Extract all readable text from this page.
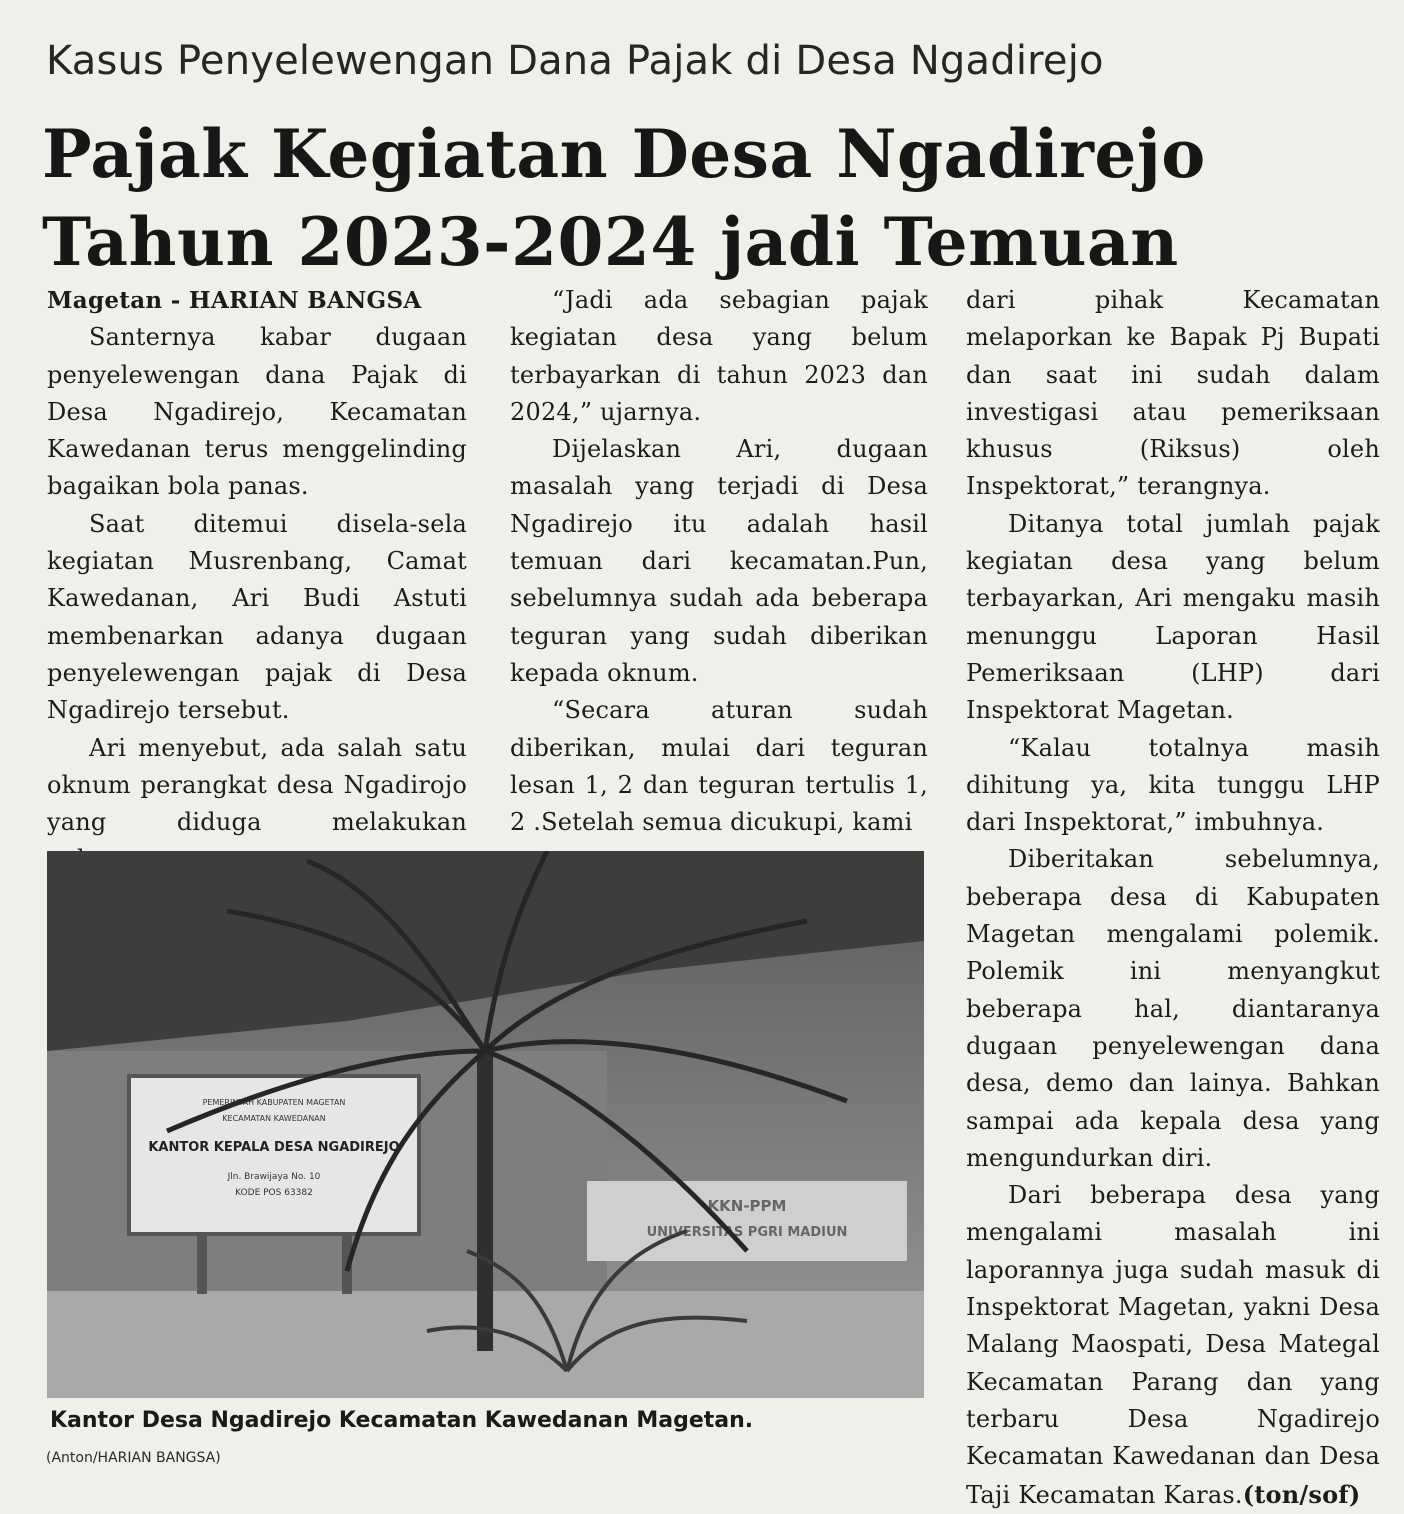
Kasus Penyelewengan Dana Pajak di Desa Ngadirejo
Pajak Kegiatan Desa Ngadirejo
Tahun 2023-2024 jadi Temuan

Magetan - HARIAN BANGSA

Santernya kabar dugaan penyelewengan dana Pajak di Desa Ngadirejo, Kecamatan Kawedanan terus menggelinding bagaikan bola panas.

Saat ditemui disela-sela kegiatan Musrenbang, Camat Kawedanan, Ari Budi Astuti membenarkan adanya dugaan penyelewengan pajak di Desa Ngadirejo tersebut.

Ari menyebut, ada salah satu oknum perangkat desa Ngadirojo yang diduga melakukan

“Jadi ada sebagian pajak kegiatan desa yang belum terbayarkan di tahun 2023 dan 2024,” ujarnya.

Dijelaskan Ari, dugaan masalah yang terjadi di Desa Ngadirejo itu adalah hasil temuan dari kecamatan.Pun, sebelumnya sudah ada beberapa teguran yang sudah diberikan kepada oknum.

“Secara aturan sudah diberikan, mulai dari teguran lesan 1, 2 dan teguran tertulis 1, 2 .Setelah semua dicukupi, kami

dari pihak Kecamatan melaporkan ke Bapak Pj Bupati dan saat ini sudah dalam investigasi atau pemeriksaan khusus (Riksus) oleh Inspektorat,” terangnya.

Ditanya total jumlah pajak kegiatan desa yang belum terbayarkan, Ari mengaku masih menunggu Laporan Hasil Pemeriksaan (LHP) dari Inspektorat Magetan.

“Kalau totalnya masih dihitung ya, kita tunggu LHP dari Inspektorat,” imbuhnya.

Diberitakan sebelumnya, beberapa desa di Kabupaten Magetan mengalami polemik. Polemik ini menyangkut beberapa hal, diantaranya dugaan penyelewengan dana desa, demo dan lainya. Bahkan sampai ada kepala desa yang mengundurkan diri.

Dari beberapa desa yang mengalami masalah ini laporannya juga sudah masuk di Inspektorat Magetan, yakni Desa Malang Maospati, Desa Mategal Kecamatan Parang dan yang terbaru Desa Ngadirejo Kecamatan Kawedanan dan Desa Taji Kecamatan Karas.(ton/sof)

PEMERINTAH KABUPATEN MAGETAN
KECAMATAN KAWEDANAN
KANTOR KEPALA DESA NGADIREJO
Jln. Brawijaya No. 10
KODE POS 63382
KKN-PPM
UNIVERSITAS PGRI MADIUN
Kantor Desa Ngadirejo Kecamatan Kawedanan Magetan.
(Anton/HARIAN BANGSA)
